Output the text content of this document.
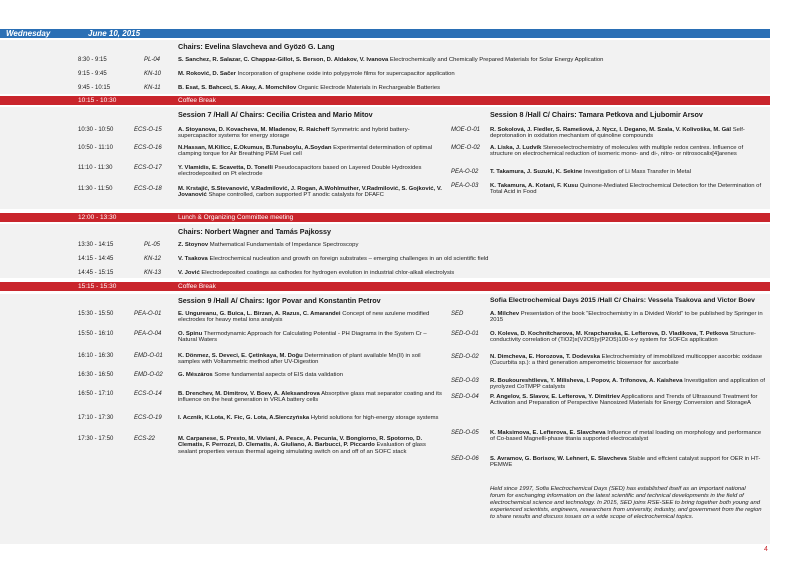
Wednesday	June 10, 2015
Chairs: Evelina Slavcheva and Gyözö G. Lang
8:30 - 9:15	PL-04	S. Sanchez, R. Salazar, C. Chappaz-Gillot, S. Berson, D. Aldakov, V. Ivanova Electrochemically and Chemically Prepared Materials for Solar Energy Application
9:15 - 9:45	KN-10	M. Roković, D. Sačer Incorporation of graphene oxide into polypyrrole films for supercapacitor application
9:45 - 10:15	KN-11	B. Esat, S. Bahceci, S. Akay, A. Momchilov Organic Electrode Materials in Rechargeable Batteries
10:15 - 10:30	Coffee Break
Session 7 /Hall A/ Chairs: Cecilia Cristea and Mario Mitov	Session 8 /Hall C/ Chairs: Tamara Petkova and Ljubomir Arsov
10:30 - 10:50	ECS-O-15	A. Stoyanova, D. Kovacheva, M. Mladenov, R. Raicheff Symmetric and hybrid battery-supercapacitor systems for energy storage
10:50 - 11:10	ECS-O-16	N.Hassan, M.Kilicc, E.Okumus, B.Tunaboylu, A.Soydan Experimental determination of optimal clamping torque for Air Breathing PEM Fuel cell
11:10 - 11:30	ECS-O-17	Y. Vlamidis, E. Scavetta, D. Tonelli Pseudocapacitors based on Layered Double Hydroxides electrodeposited on Pt electrode
11:30 - 11:50	ECS-O-18	M. Krstajić, S.Stevanović, V.Radmilović, J. Rogan, A.Wohlmuther, V.Radmilović, S. Gojković, V. Jovanović Shape controlled, carbon supported PT anodic catalysts for DFAFC
MOE-O-01 R. Sokolová, J. Fiedler, Š. Ramešová, J. Nycz, I. Degano, M. Szala, V. Kolivoška, M. Gál Self-deprotonation in oxidation mechanism of quinoline compounds
MOE-O-02 A. Liska, J. Ludvík Stereoelectrochemistry of molecules with multiple redox centres. Influence of structure on electrochemical reduction of isomeric mono- and di-, nitro- or nitrosocalix[4]arenes
PEA-O-02 T. Takamura, J. Suzuki, K. Sekine Investigation of Li Mass Transfer in Metal
PEA-O-03 K. Takamura, A. Kotani, F. Kusu Quinone-Mediated Electrochemical Detection for the Determination of Total Acid in Food
12:00 - 13:30	Lunch & Organizing Committee meeting
Chairs: Norbert Wagner and Tamás Pajkossy
13:30 - 14:15	PL-05	Z. Stoynov Mathematical Fundamentals of Impedance Spectroscopy
14:15 - 14:45	KN-12	V. Tsakova Electrochemical nucleation and growth on foreign substrates – emerging challenges in an old scientific field
14:45 - 15:15	KN-13	V. Jović Electrodeposited coatings as cathodes for hydrogen evolution in industrial chlor-alkali electrolysis
15:15 - 15:30	Coffee Break
Session 9 /Hall A/ Chairs: Igor Povar and Konstantin Petrov	Sofia Electrochemical Days 2015 /Hall C/ Chairs: Vessela Tsakova and Victor Boev
15:30 - 15:50	PEA-O-01	E. Ungureanu, G. Buica, L. Birzan, A. Razus, C. Amarandei Concept of new azulene modified electrodes for heavy metal ions analysis
15:50 - 16:10	PEA-O-04	O. Spinu Thermodynamic Approach for Calculating Potential - PH Diagrams in the System Cr – Natural Waters
16:10 - 16:30	EMD-O-01	K. Dönmez, S. Deveci, E. Çetinkaya, M. Doğu Determination of plant available Mn(II) in soil samples with Voltammetric method after UV-Digestion
16:30 - 16:50	EMD-O-02	G. Mészáros Some fundamental aspects of EIS data validation
16:50 - 17:10	ECS-O-14	B. Drenchev, M. Dimitrov, V. Boev, A. Aleksandrova Absorptive glass mat separator coating and its influence on the heat generation in VRLA battery cells
17:10 - 17:30	ECS-O-19	I. Acznik, K.Lota, K. Fic, G. Lota, A.Sierczyńska Hybrid solutions for high-energy storage systems
17:30 - 17:50	ECS-22	M. Carpanese, S. Presto, M. Viviani, A. Pesce, A. Pecunia, V. Bongiorno, R. Spotorno, D. Clematis, F. Perrozzi, D. Clematis, A. Giuliano, A. Barbucci, P. Piccardo Evaluation of glass sealant properties versus thermal ageing simulating switch on and off of an SOFC stack
SED	A. Milchev Presentation of the book “Electrochemistry in a Divided World” to be published by Springer in 2015
SED-O-01 O. Koleva, D. Kochnitcharova, M. Krapchanska, E. Lefterova, D. Vladikova, T. Petkova Structure-conductivity correlation of (TiO2)x(V2O5)y(P2O5)100-x-y system for SOFCs application
SED-O-02 N. Dimcheva, E. Horozova, T. Dodevska Electrochemistry of immobilized multicopper ascorbic oxidase (Cucurbita sp.): a third generation amperometric biosensor for ascorbate
SED-O-03 R. Boukoureshtlieva, Y. Milisheva, I. Popov, A. Trifonova, A. Kaisheva Investigation and application of pyrolyzed CoTMPP catalysts
SED-O-04 P. Angelov, S. Slavov, E. Lefterova, Y. Dimitriev Applications and Trends of Ultrasound Treatment for Activation and Preparation of Perspective Nanosized Materials for Energy Conversion and StorageA
SED-O-05 K. Maksimova, E. Lefterova, E. Slavcheva Influence of metal loading on morphology and performance of Co-based Magnelli-phase titania supported electrocatalyst
SED-O-06 S. Avramov, G. Borisov, W. Lehnert, E. Slavcheva Stable and effcient catalyst support for OER in HT-PEMWE
Held since 1997, Sofia Electrochemical Days (SED) has established itself as an important national forum for exchanging information on the latest scientific and technical developments in the field of electrochemical science and technology. In 2015, SED joins RSE-SEE to bring together both young and experienced scientists, engineers, researchers from university, industry, and government from the region to share results and discuss issues on a wide scope of electrochemical topics.
4
